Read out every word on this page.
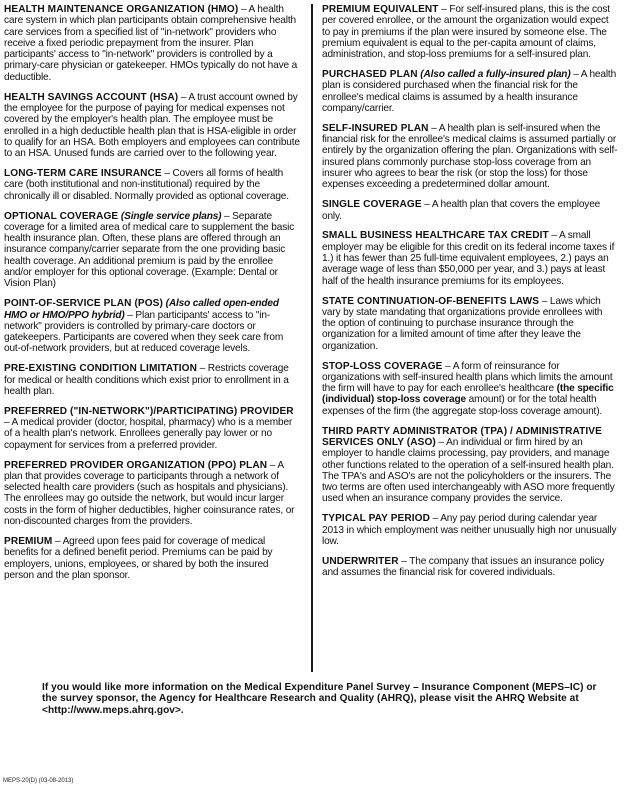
HEALTH MAINTENANCE ORGANIZATION (HMO) – A health care system in which plan participants obtain comprehensive health care services from a specified list of "in-network" providers who receive a fixed periodic prepayment from the insurer. Plan participants' access to "in-network" providers is controlled by a primary-care physician or gatekeeper. HMOs typically do not have a deductible.

HEALTH SAVINGS ACCOUNT (HSA) – A trust account owned by the employee for the purpose of paying for medical expenses not covered by the employer's health plan. The employee must be enrolled in a high deductible health plan that is HSA-eligible in order to qualify for an HSA. Both employers and employees can contribute to an HSA. Unused funds are carried over to the following year.

LONG-TERM CARE INSURANCE – Covers all forms of health care (both institutional and non-institutional) required by the chronically ill or disabled. Normally provided as optional coverage.

OPTIONAL COVERAGE (Single service plans) – Separate coverage for a limited area of medical care to supplement the basic health insurance plan. Often, these plans are offered through an insurance company/carrier separate from the one providing basic health coverage. An additional premium is paid by the enrollee and/or employer for this optional coverage. (Example: Dental or Vision Plan)

POINT-OF-SERVICE PLAN (POS) (Also called open-ended HMO or HMO/PPO hybrid) – Plan participants' access to "in-network" providers is controlled by primary-care doctors or gatekeepers. Participants are covered when they seek care from out-of-network providers, but at reduced coverage levels.

PRE-EXISTING CONDITION LIMITATION – Restricts coverage for medical or health conditions which exist prior to enrollment in a health plan.

PREFERRED ("IN-NETWORK")/PARTICIPATING) PROVIDER – A medical provider (doctor, hospital, pharmacy) who is a member of a health plan's network. Enrollees generally pay lower or no copayment for services from a preferred provider.

PREFERRED PROVIDER ORGANIZATION (PPO) PLAN – A plan that provides coverage to participants through a network of selected health care providers (such as hospitals and physicians). The enrollees may go outside the network, but would incur larger costs in the form of higher deductibles, higher coinsurance rates, or non-discounted charges from the providers.

PREMIUM – Agreed upon fees paid for coverage of medical benefits for a defined benefit period. Premiums can be paid by employers, unions, employees, or shared by both the insured person and the plan sponsor.

PREMIUM EQUIVALENT – For self-insured plans, this is the cost per covered enrollee, or the amount the organization would expect to pay in premiums if the plan were insured by someone else. The premium equivalent is equal to the per-capita amount of claims, administration, and stop-loss premiums for a self-insured plan.

PURCHASED PLAN (Also called a fully-insured plan) – A health plan is considered purchased when the financial risk for the enrollee's medical claims is assumed by a health insurance company/carrier.

SELF-INSURED PLAN – A health plan is self-insured when the financial risk for the enrollee's medical claims is assumed partially or entirely by the organization offering the plan. Organizations with self-insured plans commonly purchase stop-loss coverage from an insurer who agrees to bear the risk (or stop the loss) for those expenses exceeding a predetermined dollar amount.

SINGLE COVERAGE – A health plan that covers the employee only.

SMALL BUSINESS HEALTHCARE TAX CREDIT – A small employer may be eligible for this credit on its federal income taxes if 1.) it has fewer than 25 full-time equivalent employees, 2.) pays an average wage of less than $50,000 per year, and 3.) pays at least half of the health insurance premiums for its employees.

STATE CONTINUATION-OF-BENEFITS LAWS – Laws which vary by state mandating that organizations provide enrollees with the option of continuing to purchase insurance through the organization for a limited amount of time after they leave the organization.

STOP-LOSS COVERAGE – A form of reinsurance for organizations with self-insured health plans which limits the amount the firm will have to pay for each enrollee's healthcare (the specific (individual) stop-loss coverage amount) or for the total health expenses of the firm (the aggregate stop-loss coverage amount).

THIRD PARTY ADMINISTRATOR (TPA) / ADMINISTRATIVE SERVICES ONLY (ASO) – An individual or firm hired by an employer to handle claims processing, pay providers, and manage other functions related to the operation of a self-insured health plan. The TPA's and ASO's are not the policyholders or the insurers. The two terms are often used interchangeably with ASO more frequently used when an insurance company provides the service.

TYPICAL PAY PERIOD – Any pay period during calendar year 2013 in which employment was neither unusually high nor unusually low.

UNDERWRITER – The company that issues an insurance policy and assumes the financial risk for covered individuals.

If you would like more information on the Medical Expenditure Panel Survey – Insurance Component (MEPS–IC) or the survey sponsor, the Agency for Healthcare Research and Quality (AHRQ), please visit the AHRQ Website at <http://www.meps.ahrq.gov>.
MEPS-20(D) (03-08-2013)
